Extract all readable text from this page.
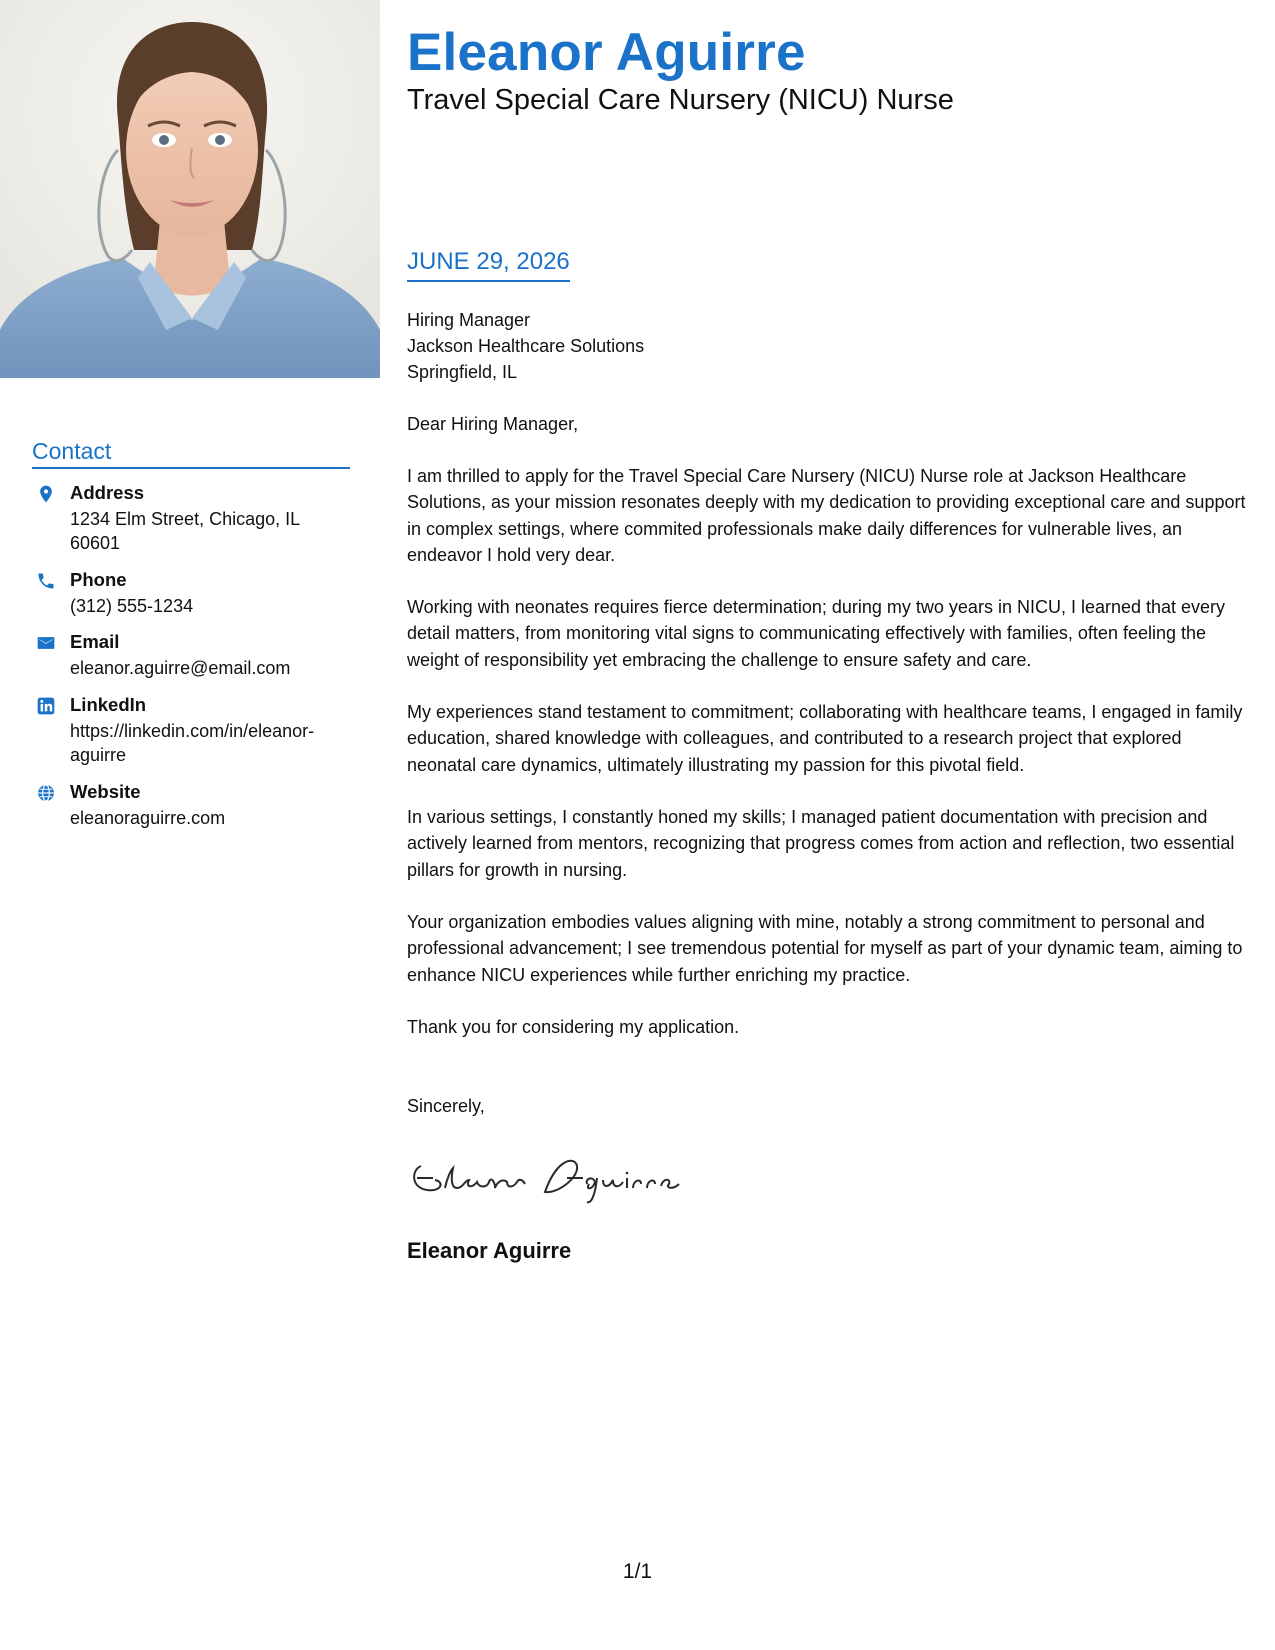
Contact
Address
1234 Elm Street, Chicago, IL 60601
Phone
(312) 555-1234
Email
eleanor.aguirre@email.com
LinkedIn
https://linkedin.com/in/eleanor-aguirre
Website
eleanoraguirre.com
Eleanor Aguirre
Travel Special Care Nursery (NICU) Nurse
JUNE 29, 2026
Hiring Manager
Jackson Healthcare Solutions
Springfield, IL
Dear Hiring Manager,
I am thrilled to apply for the Travel Special Care Nursery (NICU) Nurse role at Jackson Healthcare Solutions, as your mission resonates deeply with my dedication to providing exceptional care and support in complex settings, where commited professionals make daily differences for vulnerable lives, an endeavor I hold very dear.
Working with neonates requires fierce determination; during my two years in NICU, I learned that every detail matters, from monitoring vital signs to communicating effectively with families, often feeling the weight of responsibility yet embracing the challenge to ensure safety and care.
My experiences stand testament to commitment; collaborating with healthcare teams, I engaged in family education, shared knowledge with colleagues, and contributed to a research project that explored neonatal care dynamics, ultimately illustrating my passion for this pivotal field.
In various settings, I constantly honed my skills; I managed patient documentation with precision and actively learned from mentors, recognizing that progress comes from action and reflection, two essential pillars for growth in nursing.
Your organization embodies values aligning with mine, notably a strong commitment to personal and professional advancement; I see tremendous potential for myself as part of your dynamic team, aiming to enhance NICU experiences while further enriching my practice.
Thank you for considering my application.
Sincerely,
Eleanor Aguirre
1/1
